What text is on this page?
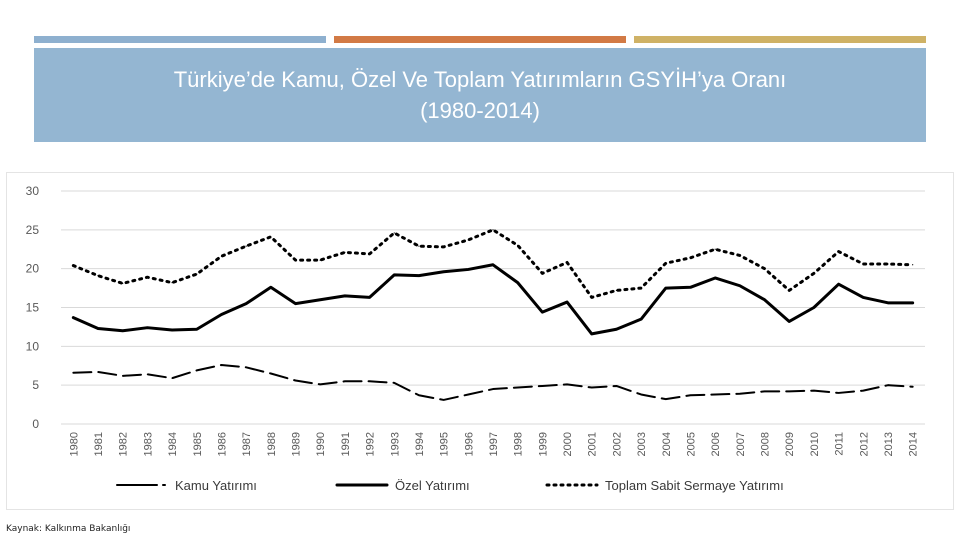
Türkiye’de Kamu, Özel Ve Toplam Yatırımların GSYİH’ya Oranı
(1980-2014)
0
5
10
15
20
25
30
1980 1981 1982 1983 1984 1985 1986 1987 1988 1989 1990 1991 1992 1993 1994 1995 1996 1997 1998 1999 2000 2001 2002 2003 2004 2005 2006 2007 2008 2009 2010 2011 2012 2013 2014
Kamu Yatırımı	Özel Yatırımı	Toplam Sabit Sermaye Yatırımı
Kaynak: Kalkınma Bakanlığı
